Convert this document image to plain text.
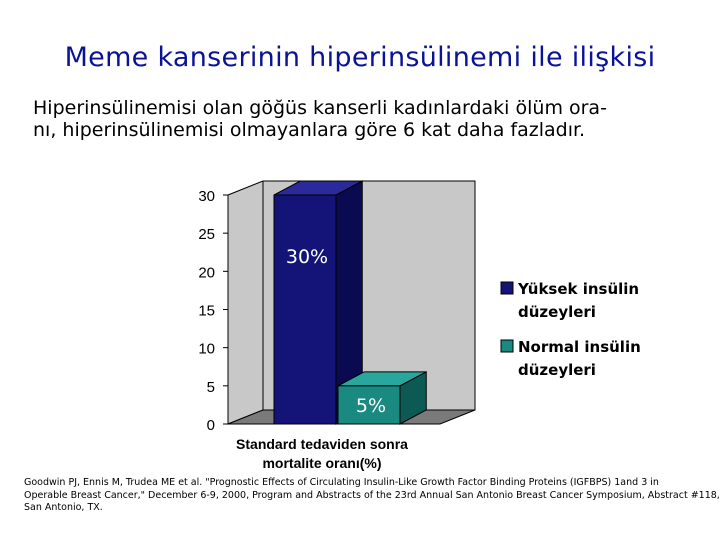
Meme kanserinin hiperinsülinemi ile ilişkisi
Hiperinsülinemisi olan göğüs kanserli kadınlardaki ölüm ora-
nı, hiperinsülinemisi olmayanlara göre 6 kat daha fazladır.
0
5
10
15
20
25
30
30%
5%
Standard tedaviden sonra
mortalite oranı(%)
Yüksek insülin
düzeyleri
Normal insülin
düzeyleri
Goodwin PJ, Ennis M, Trudea ME et al. "Prognostic Effects of Circulating Insulin-Like Growth Factor Binding Proteins (IGFBPS) 1and 3 in
Operable Breast Cancer," December 6-9, 2000, Program and Abstracts of the 23rd Annual San Antonio Breast Cancer Symposium, Abstract #118,
San Antonio, TX.
